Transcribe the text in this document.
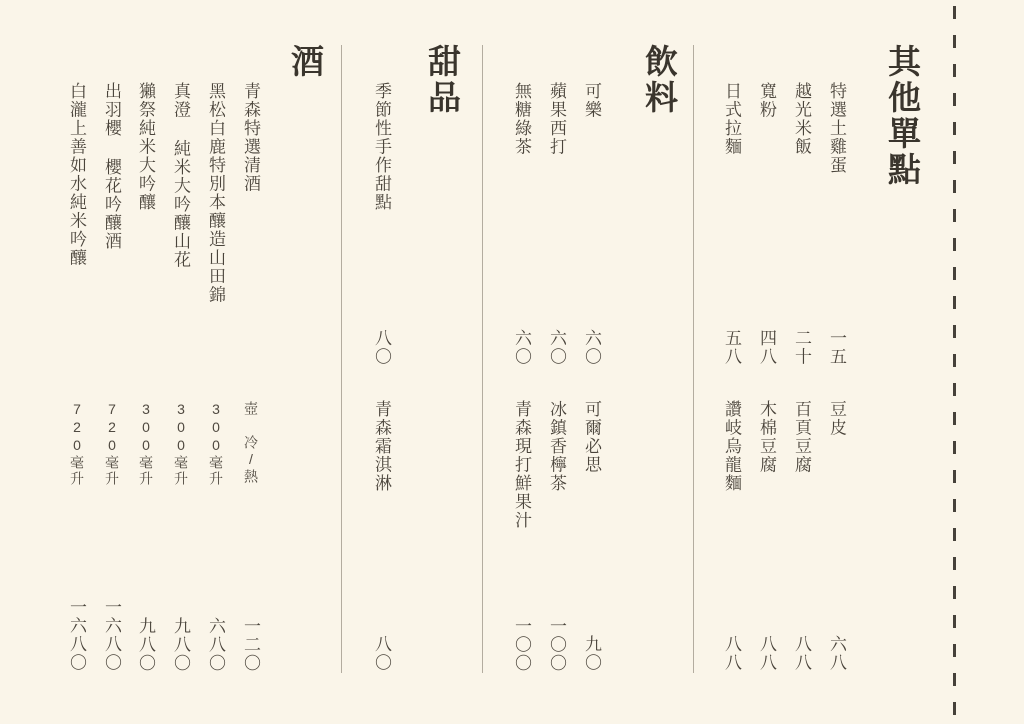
其他單點
特選土雞蛋
越光米飯
寬粉
日式拉麵
一五
二十
四八
五八
豆皮
百頁豆腐
木棉豆腐
讚岐烏龍麵
六八
八八
八八
八八
飲料
可樂
蘋果西打
無糖綠茶
六〇
六〇
六〇
可爾必思
冰鎮香檸茶
青森現打鮮果汁
九〇
一〇〇
一〇〇
甜品
季節性手作甜點
八〇
青森霜淇淋
八〇
酒
青森特選清酒
黑松白鹿特別本釀造山田錦
真澄 純米大吟釀山花
獺祭純米大吟釀
出羽櫻 櫻花吟釀酒
白瀧上善如水純米吟釀
壺 冷/熱
300毫升
300毫升
300毫升
720毫升
720毫升
一二〇
六八〇
九八〇
九八〇
一六八〇
一六八〇
